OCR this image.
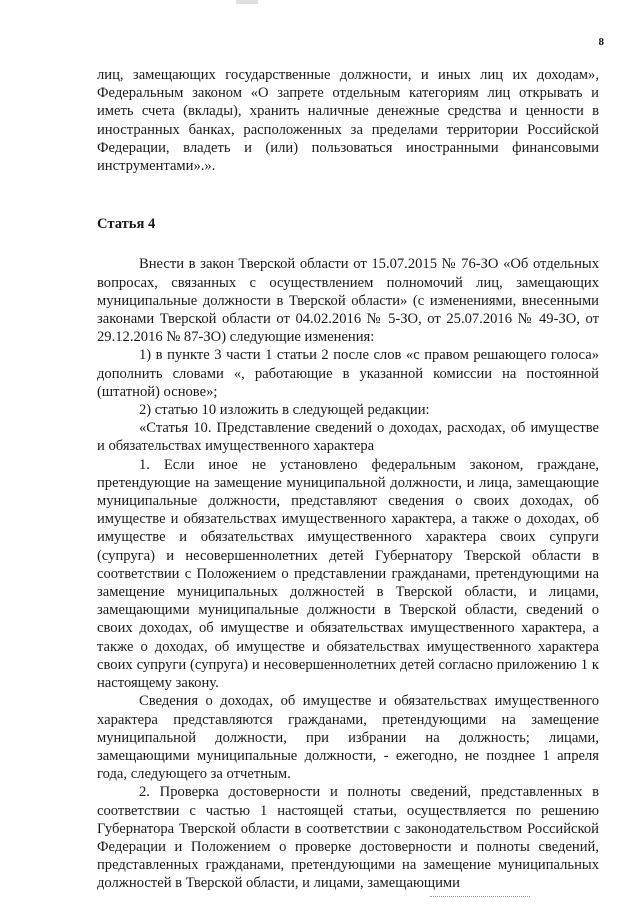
8

лиц, замещающих государственные должности, и иных лиц их доходам», Федеральным законом «О запрете отдельным категориям лиц открывать и иметь счета (вклады), хранить наличные денежные средства и ценности в иностранных банках, расположенных за пределами территории Российской Федерации, владеть и (или) пользоваться иностранными финансовыми инструментами».».

Статья 4

Внести в закон Тверской области от 15.07.2015 № 76-ЗО «Об отдельных вопросах, связанных с осуществлением полномочий лиц, замещающих муниципальные должности в Тверской области» (с изменениями, внесенными законами Тверской области от 04.02.2016 № 5-ЗО, от 25.07.2016 № 49-ЗО, от 29.12.2016 № 87-ЗО) следующие изменения:

1) в пункте 3 части 1 статьи 2 после слов «с правом решающего голоса» дополнить словами «, работающие в указанной комиссии на постоянной (штатной) основе»;

2) статью 10 изложить в следующей редакции:

«Статья 10. Представление сведений о доходах, расходах, об имуществе и обязательствах имущественного характера

1. Если иное не установлено федеральным законом, граждане, претендующие на замещение муниципальной должности, и лица, замещающие муниципальные должности, представляют сведения о своих доходах, об имуществе и обязательствах имущественного характера, а также о доходах, об имуществе и обязательствах имущественного характера своих супруги (супруга) и несовершеннолетних детей Губернатору Тверской области в соответствии с Положением о представлении гражданами, претендующими на замещение муниципальных должностей в Тверской области, и лицами, замещающими муниципальные должности в Тверской области, сведений о своих доходах, об имуществе и обязательствах имущественного характера, а также о доходах, об имуществе и обязательствах имущественного характера своих супруги (супруга) и несовершеннолетних детей согласно приложению 1 к настоящему закону.

Сведения о доходах, об имуществе и обязательствах имущественного характера представляются гражданами, претендующими на замещение муниципальной должности, при избрании на должность; лицами, замещающими муниципальные должности, - ежегодно, не позднее 1 апреля года, следующего за отчетным.

2. Проверка достоверности и полноты сведений, представленных в соответствии с частью 1 настоящей статьи, осуществляется по решению Губернатора Тверской области в соответствии с законодательством Российской Федерации и Положением о проверке достоверности и полноты сведений, представленных гражданами, претендующими на замещение муниципальных должностей в Тверской области, и лицами, замещающими
